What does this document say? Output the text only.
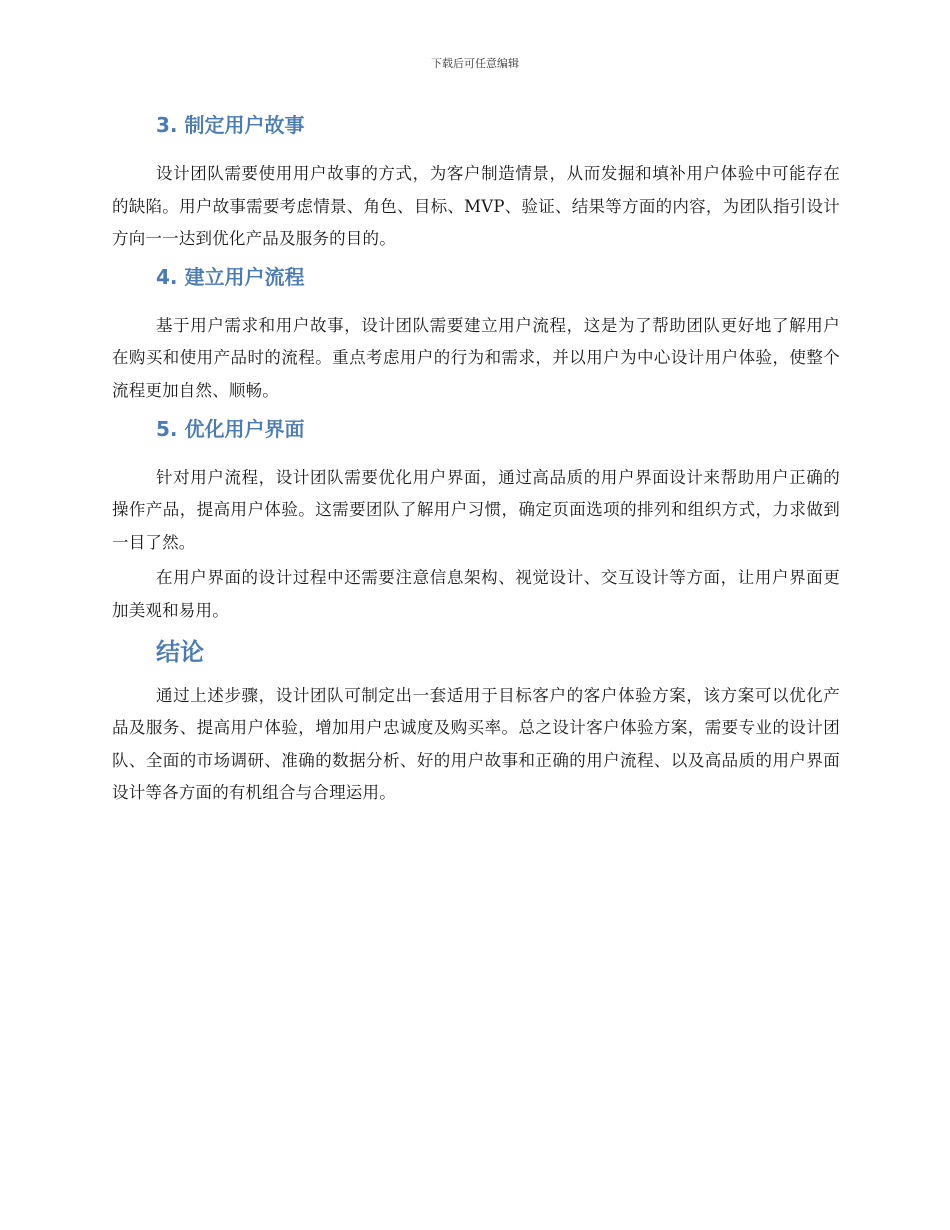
下载后可任意编辑
3. 制定用户故事

设计团队需要使用用户故事的方式，为客户制造情景，从而发掘和填补用户体验中可能存在的缺陷。用户故事需要考虑情景、角色、目标、MVP、验证、结果等方面的内容，为团队指引设计方向一一达到优化产品及服务的目的。

4. 建立用户流程

基于用户需求和用户故事，设计团队需要建立用户流程，这是为了帮助团队更好地了解用户在购买和使用产品时的流程。重点考虑用户的行为和需求，并以用户为中心设计用户体验，使整个流程更加自然、顺畅。

5. 优化用户界面

针对用户流程，设计团队需要优化用户界面，通过高品质的用户界面设计来帮助用户正确的操作产品，提高用户体验。这需要团队了解用户习惯，确定页面选项的排列和组织方式，力求做到一目了然。

在用户界面的设计过程中还需要注意信息架构、视觉设计、交互设计等方面，让用户界面更加美观和易用。

结论

通过上述步骤，设计团队可制定出一套适用于目标客户的客户体验方案，该方案可以优化产品及服务、提高用户体验，增加用户忠诚度及购买率。总之设计客户体验方案，需要专业的设计团队、全面的市场调研、准确的数据分析、好的用户故事和正确的用户流程、以及高品质的用户界面设计等各方面的有机组合与合理运用。
